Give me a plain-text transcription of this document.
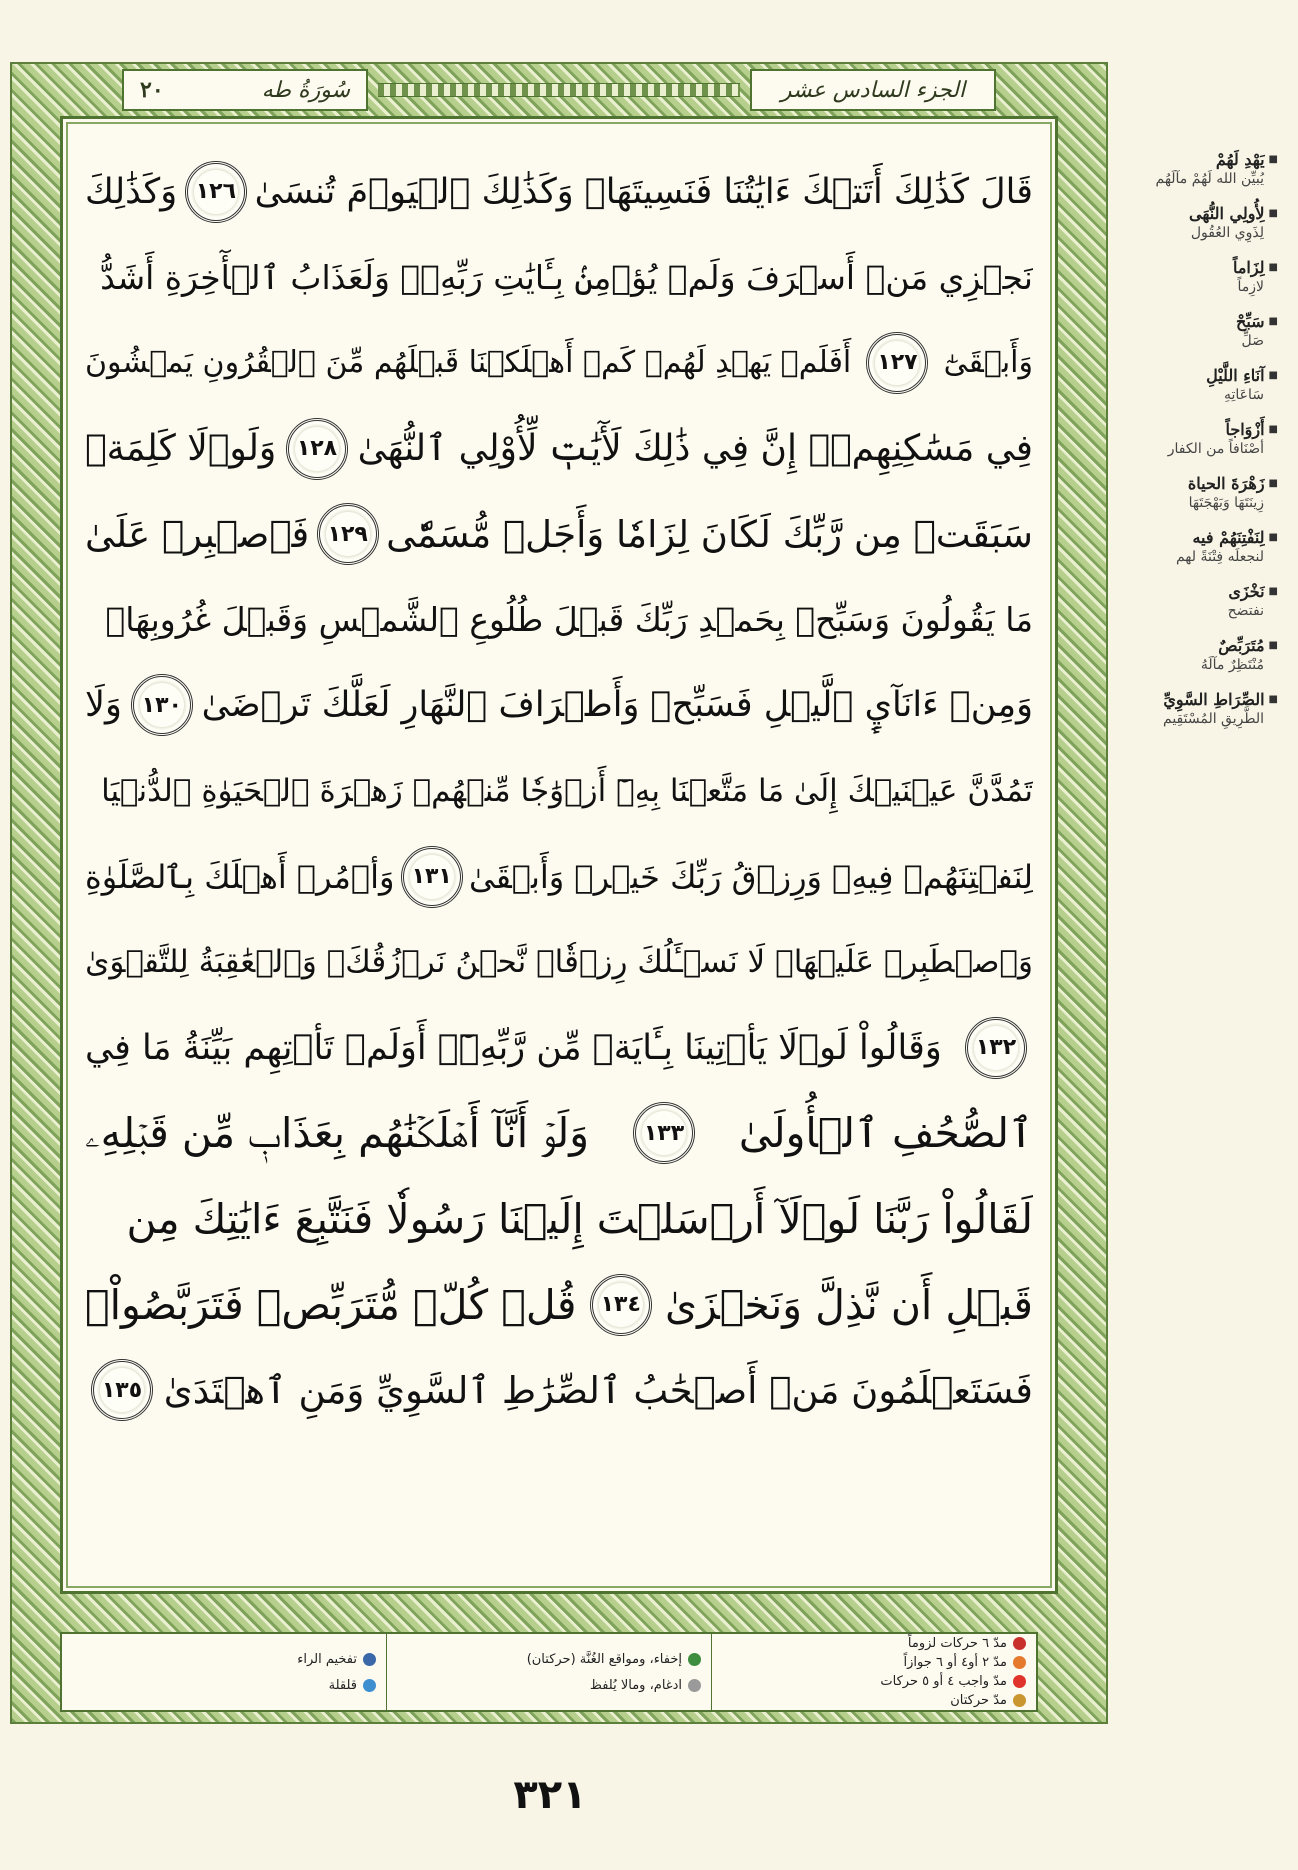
٢٠	سُورَةُ طه	الجزء السادس عشر
قَالَ كَذَٰلِكَ أَتَتۡكَ ءَايَٰتُنَا فَنَسِيتَهَاۖ وَكَذَٰلِكَ ٱلۡيَوۡمَ تُنسَىٰ
١٢٦
وَكَذَٰلِكَ
نَجۡزِي مَنۡ أَسۡرَفَ وَلَمۡ يُؤۡمِنۢ بِـَٔايَٰتِ رَبِّهِۦۚ وَلَعَذَابُ ٱلۡأٓخِرَةِ أَشَدُّ
وَأَبۡقَىٰٓ
١٢٧
أَفَلَمۡ يَهۡدِ لَهُمۡ كَمۡ أَهۡلَكۡنَا قَبۡلَهُم مِّنَ ٱلۡقُرُونِ يَمۡشُونَ
فِي مَسَٰكِنِهِمۡۗ إِنَّ فِي ذَٰلِكَ لَأٓيَٰتٖ لِّأُوْلِي ٱلنُّهَىٰ
١٢٨
وَلَوۡلَا كَلِمَةٞ
سَبَقَتۡ مِن رَّبِّكَ لَكَانَ لِزَامٗا وَأَجَلٞ مُّسَمّٗى
١٢٩
فَٱصۡبِرۡ عَلَىٰ
مَا يَقُولُونَ وَسَبِّحۡ بِحَمۡدِ رَبِّكَ قَبۡلَ طُلُوعِ ٱلشَّمۡسِ وَقَبۡلَ غُرُوبِهَاۖ
وَمِنۡ ءَانَآيِٕ ٱلَّيۡلِ فَسَبِّحۡ وَأَطۡرَافَ ٱلنَّهَارِ لَعَلَّكَ تَرۡضَىٰ
١٣٠
وَلَا
تَمُدَّنَّ عَيۡنَيۡكَ إِلَىٰ مَا مَتَّعۡنَا بِهِۦٓ أَزۡوَٰجٗا مِّنۡهُمۡ زَهۡرَةَ ٱلۡحَيَوٰةِ ٱلدُّنۡيَا
لِنَفۡتِنَهُمۡ فِيهِۚ وَرِزۡقُ رَبِّكَ خَيۡرٞ وَأَبۡقَىٰ
١٣١
وَأۡمُرۡ أَهۡلَكَ بِٱلصَّلَوٰةِ
وَٱصۡطَبِرۡ عَلَيۡهَاۖ لَا نَسۡـَٔلُكَ رِزۡقٗاۖ نَّحۡنُ نَرۡزُقُكَۗ وَٱلۡعَٰقِبَةُ لِلتَّقۡوَىٰ
١٣٢
وَقَالُواْ لَوۡلَا يَأۡتِينَا بِـَٔايَةٖ مِّن رَّبِّهِۦٓۚ أَوَلَمۡ تَأۡتِهِم بَيِّنَةُ مَا فِي
ٱلصُّحُفِ ٱلۡأُولَىٰ
١٣٣
وَلَوۡ أَنَّآ أَهۡلَكۡنَٰهُم بِعَذَابٖ مِّن قَبۡلِهِۦ
لَقَالُواْ رَبَّنَا لَوۡلَآ أَرۡسَلۡتَ إِلَيۡنَا رَسُولٗا فَنَتَّبِعَ ءَايَٰتِكَ مِن
قَبۡلِ أَن نَّذِلَّ وَنَخۡزَىٰ
١٣٤
قُلۡ كُلّٞ مُّتَرَبِّصٞ فَتَرَبَّصُواْۖ
فَسَتَعۡلَمُونَ مَنۡ أَصۡحَٰبُ ٱلصِّرَٰطِ ٱلسَّوِيِّ وَمَنِ ٱهۡتَدَىٰ
١٣٥
مدّ ٦ حركات لزوماً
مدّ ٢ أو٤ أو ٦ جوازاً
مدّ واجب ٤ أو ٥ حركات
مدّ حركتان
إخفاء، ومواقع الغُنَّة (حركتان)
ادغام، ومالا يُلفظ
تفخيم الراء
قلقلة
٣٢١
■ يَهْدِ لَهُمْ
يُبيِّن الله لَهُمْ مآلَهُم
■ لِأُولِي النُّهَى
لِذَوِي العُقُول
■ لِزَاماً
لازِماً
■ سَبِّحْ
صَلِّ
■ آنَاءِ اللَّيْلِ
سَاعَاتِهِ
■ أَزْوَاجاً
أصْنَافاً من الكفار
■ زَهْرَةَ الحياة
زِينَتَهَا وَبَهْجَتَهَا
■ لِنَفْتِنَهُمْ فيه
لنجعلَه فِتْنَةً لهم
■ نَخْزَى
نفتضح
■ مُتَرَبِّصٌ
مُنْتَظِرٌ مآلَهُ
■ الصِّرَاطِ السَّوِيِّ
الطَّرِيقِ المُسْتَقِيم
